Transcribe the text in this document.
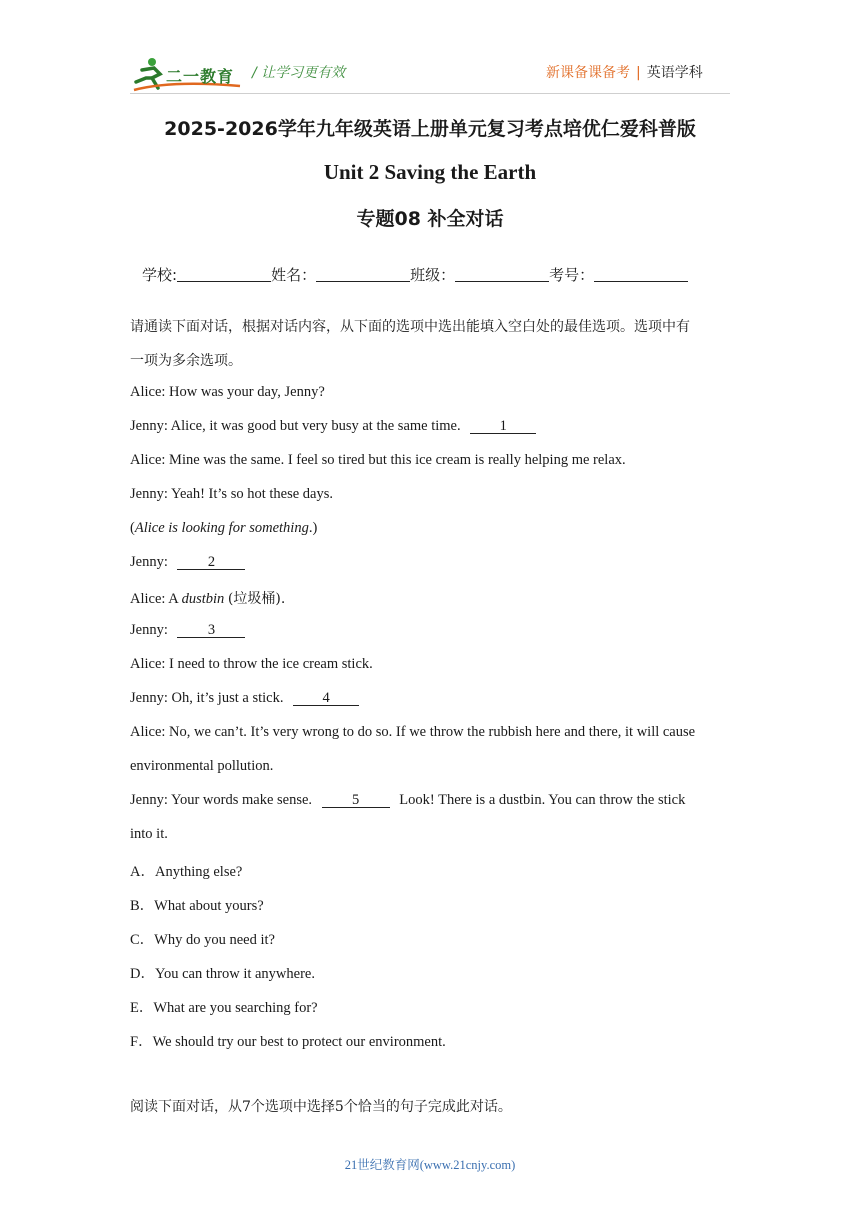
二一教育 / 让学习更有效	新课备课备考 | 英语学科
2025-2026学年九年级英语上册单元复习考点培优仁爱科普版
Unit 2 Saving the Earth
专题08 补全对话
学校:	姓名：	班级：	考号：
请通读下面对话，根据对话内容，从下面的选项中选出能填入空白处的最佳选项。选项中有
一项为多余选项。
Alice: How was your day, Jenny?
Jenny: Alice, it was good but very busy at the same time.	1
Alice: Mine was the same. I feel so tired but this ice cream is really helping me relax.
Jenny: Yeah! It’s so hot these days.
(Alice is looking for something.)
Jenny:	2
Alice: A dustbin (垃圾桶).
Jenny:	3
Alice: I need to throw the ice cream stick.
Jenny: Oh, it’s just a stick.	4
Alice: No, we can’t. It’s very wrong to do so. If we throw the rubbish here and there, it will cause
environmental pollution.
Jenny: Your words make sense.	5	Look! There is a dustbin. You can throw the stick
into it.
A．Anything else?
B．What about yours?
C．Why do you need it?
D．You can throw it anywhere.
E．What are you searching for?
F．We should try our best to protect our environment.
阅读下面对话，从7个选项中选择5个恰当的句子完成此对话。
21世纪教育网(www.21cnjy.com)
